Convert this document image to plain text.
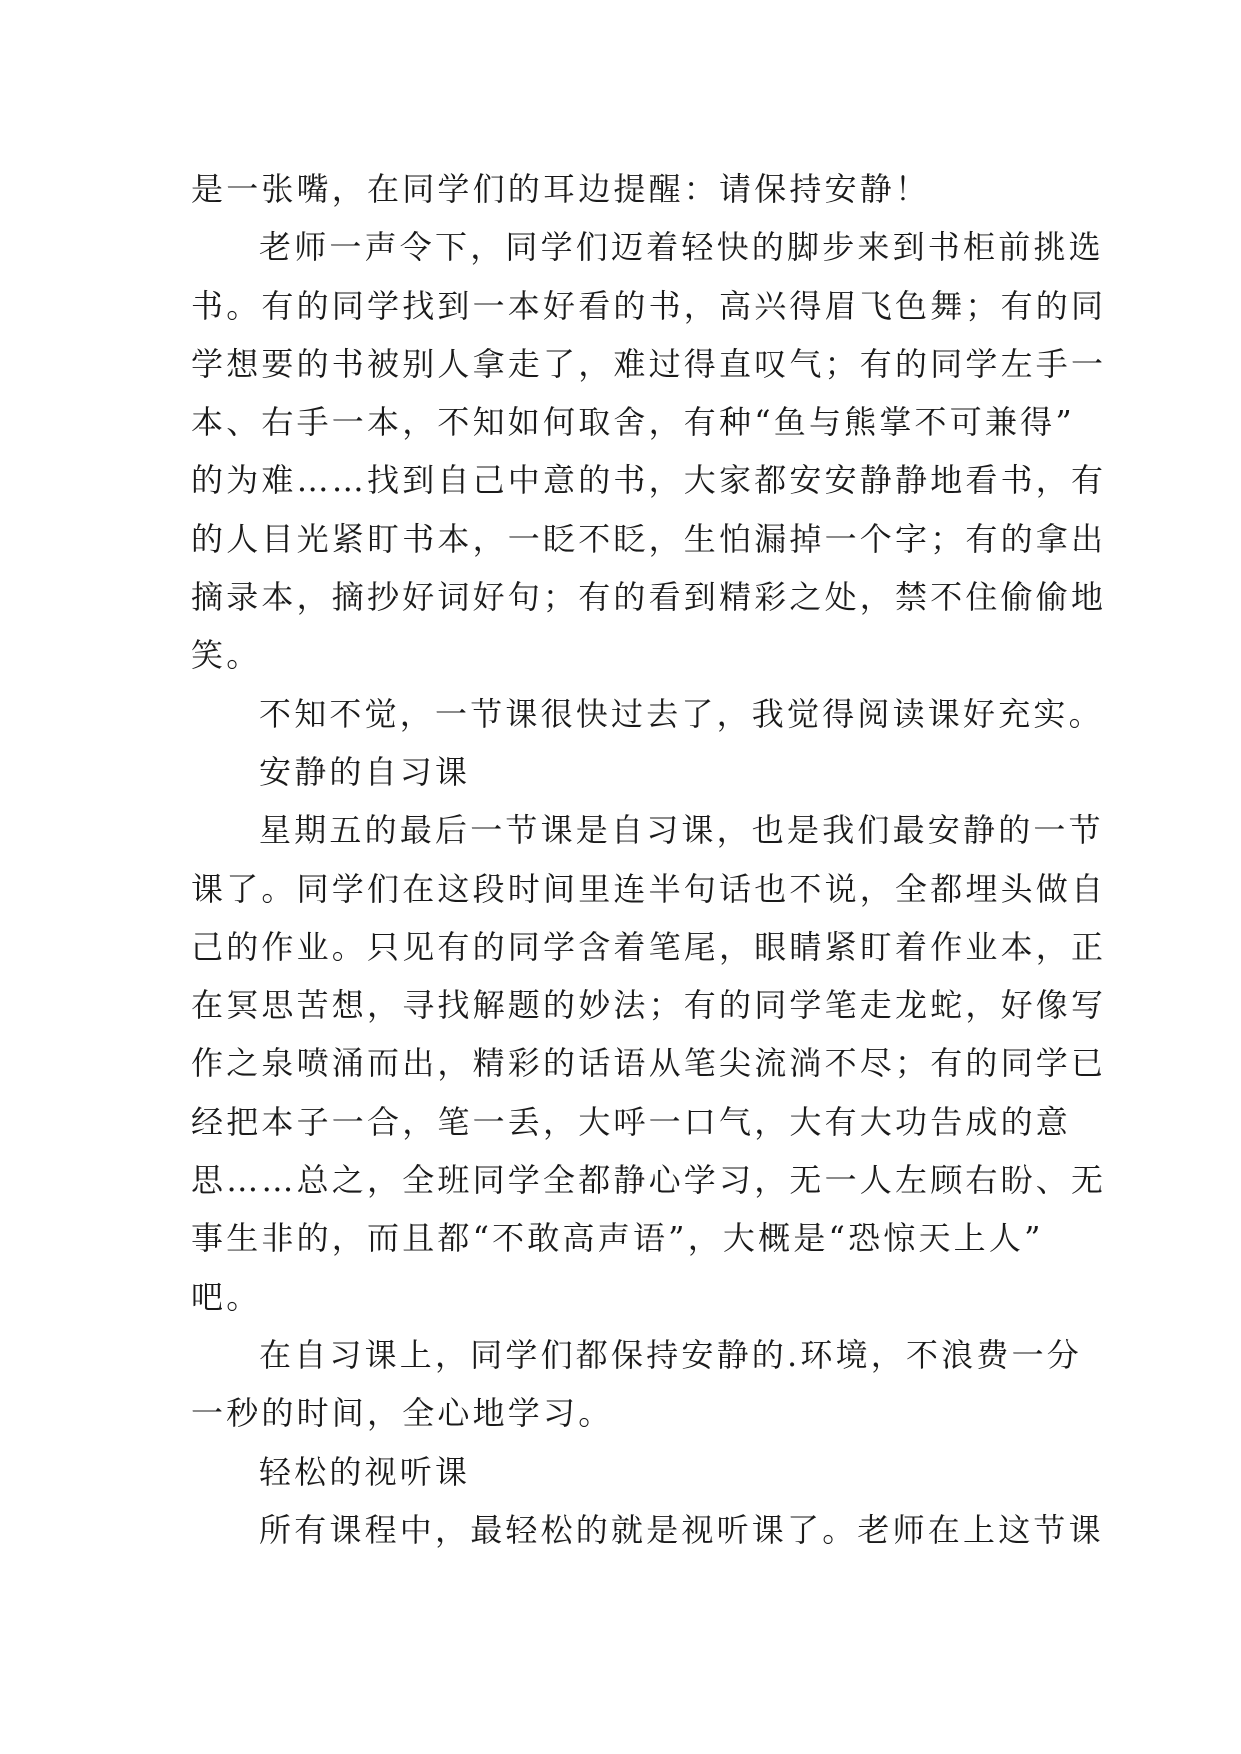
是一张嘴，在同学们的耳边提醒：请保持安静！
老师一声令下，同学们迈着轻快的脚步来到书柜前挑选
书。有的同学找到一本好看的书，高兴得眉飞色舞；有的同
学想要的书被别人拿走了，难过得直叹气；有的同学左手一
本、右手一本，不知如何取舍，有种“鱼与熊掌不可兼得”
的为难……找到自己中意的书，大家都安安静静地看书，有
的人目光紧盯书本，一眨不眨，生怕漏掉一个字；有的拿出
摘录本，摘抄好词好句；有的看到精彩之处，禁不住偷偷地
笑。
不知不觉，一节课很快过去了，我觉得阅读课好充实。
安静的自习课
星期五的最后一节课是自习课，也是我们最安静的一节
课了。同学们在这段时间里连半句话也不说，全都埋头做自
己的作业。只见有的同学含着笔尾，眼睛紧盯着作业本，正
在冥思苦想，寻找解题的妙法；有的同学笔走龙蛇，好像写
作之泉喷涌而出，精彩的话语从笔尖流淌不尽；有的同学已
经把本子一合，笔一丢，大呼一口气，大有大功告成的意
思……总之，全班同学全都静心学习，无一人左顾右盼、无
事生非的，而且都“不敢高声语”，大概是“恐惊天上人”
吧。
在自习课上，同学们都保持安静的.环境，不浪费一分
一秒的时间，全心地学习。
轻松的视听课
所有课程中，最轻松的就是视听课了。老师在上这节课
